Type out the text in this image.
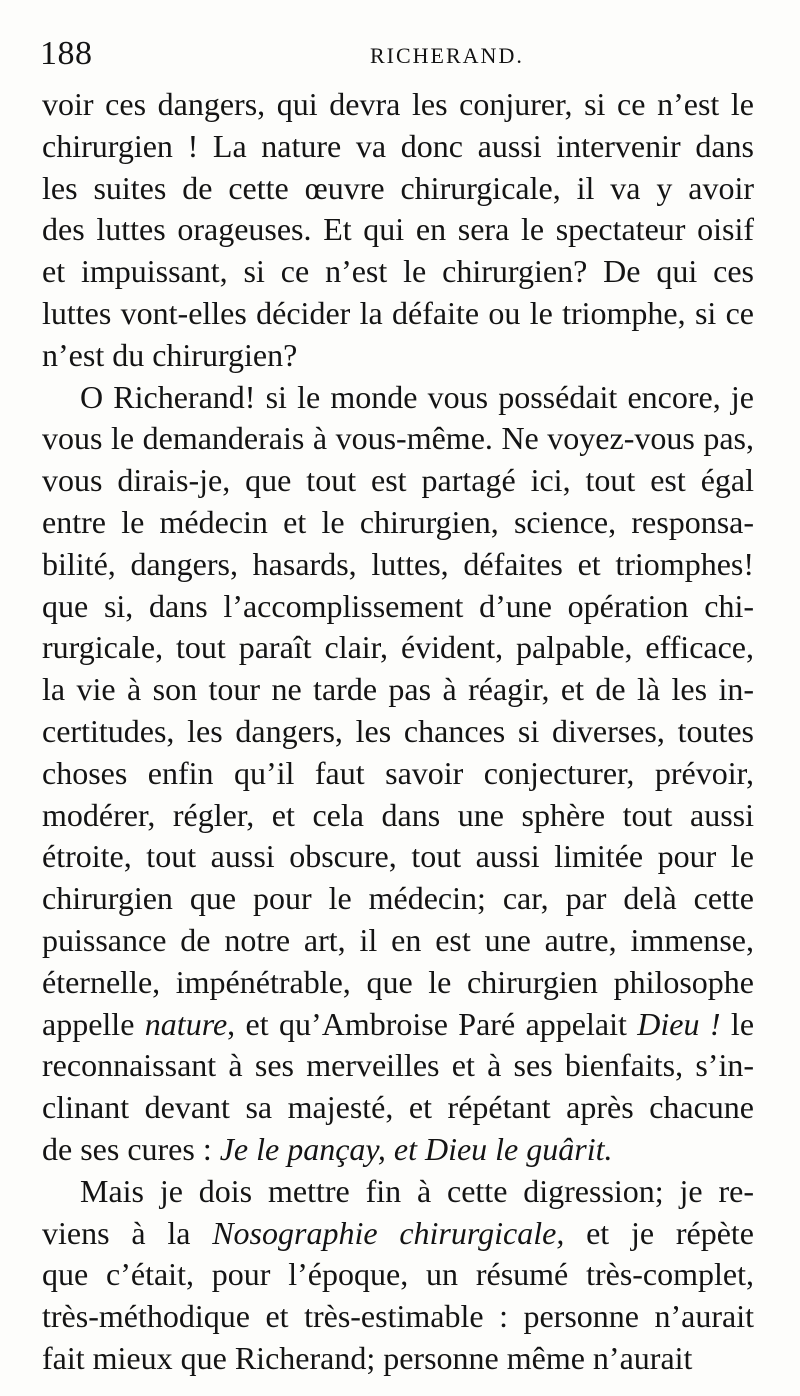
188	RICHERAND.
voir ces dangers, qui devra les conjurer, si ce n’est le
chirurgien ! La nature va donc aussi intervenir dans
les suites de cette œuvre chirurgicale, il va y avoir
des luttes orageuses. Et qui en sera le spectateur oisif
et impuissant, si ce n’est le chirurgien? De qui ces
luttes vont-elles décider la défaite ou le triomphe, si ce
n’est du chirurgien?
O Richerand! si le monde vous possédait encore, je
vous le demanderais à vous-même. Ne voyez-vous pas,
vous dirais-je, que tout est partagé ici, tout est égal
entre le médecin et le chirurgien, science, responsa-
bilité, dangers, hasards, luttes, défaites et triomphes!
que si, dans l’accomplissement d’une opération chi-
rurgicale, tout paraît clair, évident, palpable, efficace,
la vie à son tour ne tarde pas à réagir, et de là les in-
certitudes, les dangers, les chances si diverses, toutes
choses enfin qu’il faut savoir conjecturer, prévoir,
modérer, régler, et cela dans une sphère tout aussi
étroite, tout aussi obscure, tout aussi limitée pour le
chirurgien que pour le médecin; car, par delà cette
puissance de notre art, il en est une autre, immense,
éternelle, impénétrable, que le chirurgien philosophe
appelle nature, et qu’Ambroise Paré appelait Dieu ! le
reconnaissant à ses merveilles et à ses bienfaits, s’in-
clinant devant sa majesté, et répétant après chacune
de ses cures : Je le pançay, et Dieu le guârit.
Mais je dois mettre fin à cette digression; je re-
viens à la Nosographie chirurgicale, et je répète
que c’était, pour l’époque, un résumé très-complet,
très-méthodique et très-estimable : personne n’aurait
fait mieux que Richerand; personne même n’aurait
